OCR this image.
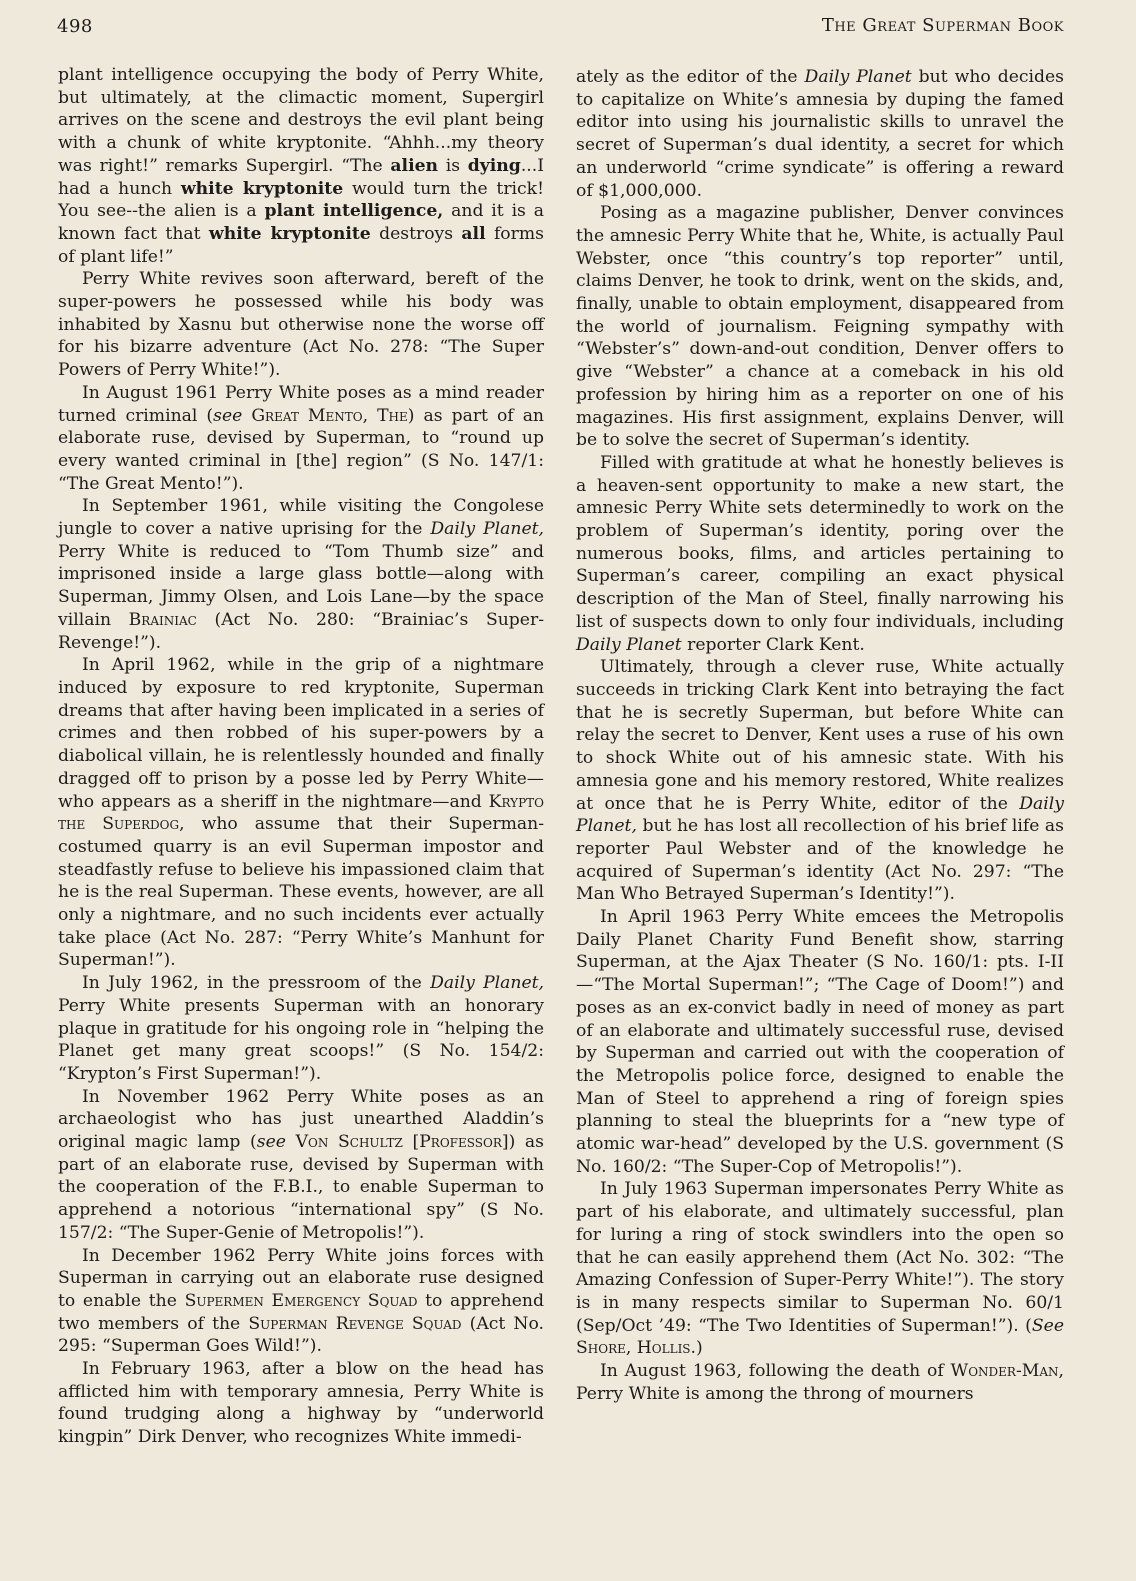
498	The Great Superman Book

plant intelligence occupying the body of Perry White, but ultimately, at the climactic moment, Supergirl arrives on the scene and destroys the evil plant being with a chunk of white kryptonite. “Ahhh...my theory was right!” remarks Supergirl. “The alien is dying...I had a hunch white kryptonite would turn the trick! You see--the alien is a plant intelligence, and it is a known fact that white kryptonite destroys all forms of plant life!”

Perry White revives soon afterward, bereft of the super-powers he possessed while his body was inhabited by Xasnu but otherwise none the worse off for his bizarre adventure (Act No. 278: “The Super Powers of Perry White!”).

In August 1961 Perry White poses as a mind reader turned criminal (see Great Mento, The) as part of an elaborate ruse, devised by Superman, to “round up every wanted criminal in [the] region” (S No. 147/1: “The Great Mento!”).

In September 1961, while visiting the Congolese jungle to cover a native uprising for the Daily Planet, Perry White is reduced to “Tom Thumb size” and imprisoned inside a large glass bottle—along with Superman, Jimmy Olsen, and Lois Lane—by the space villain Brainiac (Act No. 280: “Brainiac’s Super-Revenge!”).

In April 1962, while in the grip of a nightmare induced by exposure to red kryptonite, Superman dreams that after having been implicated in a series of crimes and then robbed of his super-powers by a diabolical villain, he is relentlessly hounded and finally dragged off to prison by a posse led by Perry White—who appears as a sheriff in the nightmare—and Krypto the Superdog, who assume that their Superman-costumed quarry is an evil Superman impostor and steadfastly refuse to believe his impassioned claim that he is the real Superman. These events, however, are all only a nightmare, and no such incidents ever actually take place (Act No. 287: “Perry White’s Manhunt for Superman!”).

In July 1962, in the pressroom of the Daily Planet, Perry White presents Superman with an honorary plaque in gratitude for his ongoing role in “helping the Planet get many great scoops!” (S No. 154/2: “Krypton’s First Superman!”).

In November 1962 Perry White poses as an archaeologist who has just unearthed Aladdin’s original magic lamp (see Von Schultz [Professor]) as part of an elaborate ruse, devised by Superman with the cooperation of the F.B.I., to enable Superman to apprehend a notorious “international spy” (S No. 157/2: “The Super-Genie of Metropolis!”).

In December 1962 Perry White joins forces with Superman in carrying out an elaborate ruse designed to enable the Supermen Emergency Squad to apprehend two members of the Superman Revenge Squad (Act No. 295: “Superman Goes Wild!”).

In February 1963, after a blow on the head has afflicted him with temporary amnesia, Perry White is found trudging along a highway by “underworld kingpin” Dirk Denver, who recognizes White immedi-

ately as the editor of the Daily Planet but who decides to capitalize on White’s amnesia by duping the famed editor into using his journalistic skills to unravel the secret of Superman’s dual identity, a secret for which an underworld “crime syndicate” is offering a reward of $1,000,000.

Posing as a magazine publisher, Denver convinces the amnesic Perry White that he, White, is actually Paul Webster, once “this country’s top reporter” until, claims Denver, he took to drink, went on the skids, and, finally, unable to obtain employment, disappeared from the world of journalism. Feigning sympathy with “Webster’s” down-and-out condition, Denver offers to give “Webster” a chance at a comeback in his old profession by hiring him as a reporter on one of his magazines. His first assignment, explains Denver, will be to solve the secret of Superman’s identity.

Filled with gratitude at what he honestly believes is a heaven-sent opportunity to make a new start, the amnesic Perry White sets determinedly to work on the problem of Superman’s identity, poring over the numerous books, films, and articles pertaining to Superman’s career, compiling an exact physical description of the Man of Steel, finally narrowing his list of suspects down to only four individuals, including Daily Planet reporter Clark Kent.

Ultimately, through a clever ruse, White actually succeeds in tricking Clark Kent into betraying the fact that he is secretly Superman, but before White can relay the secret to Denver, Kent uses a ruse of his own to shock White out of his amnesic state. With his amnesia gone and his memory restored, White realizes at once that he is Perry White, editor of the Daily Planet, but he has lost all recollection of his brief life as reporter Paul Webster and of the knowledge he acquired of Superman’s identity (Act No. 297: “The Man Who Betrayed Superman’s Identity!”).

In April 1963 Perry White emcees the Metropolis Daily Planet Charity Fund Benefit show, starring Superman, at the Ajax Theater (S No. 160/1: pts. I-II—“The Mortal Superman!”; “The Cage of Doom!”) and poses as an ex-convict badly in need of money as part of an elaborate and ultimately successful ruse, devised by Superman and carried out with the cooperation of the Metropolis police force, designed to enable the Man of Steel to apprehend a ring of foreign spies planning to steal the blueprints for a “new type of atomic war-head” developed by the U.S. government (S No. 160/2: “The Super-Cop of Metropolis!”).

In July 1963 Superman impersonates Perry White as part of his elaborate, and ultimately successful, plan for luring a ring of stock swindlers into the open so that he can easily apprehend them (Act No. 302: “The Amazing Confession of Super-Perry White!”). The story is in many respects similar to Superman No. 60/1 (Sep/Oct ’49: “The Two Identities of Superman!”). (See Shore, Hollis.)

In August 1963, following the death of Wonder-Man, Perry White is among the throng of mourners
